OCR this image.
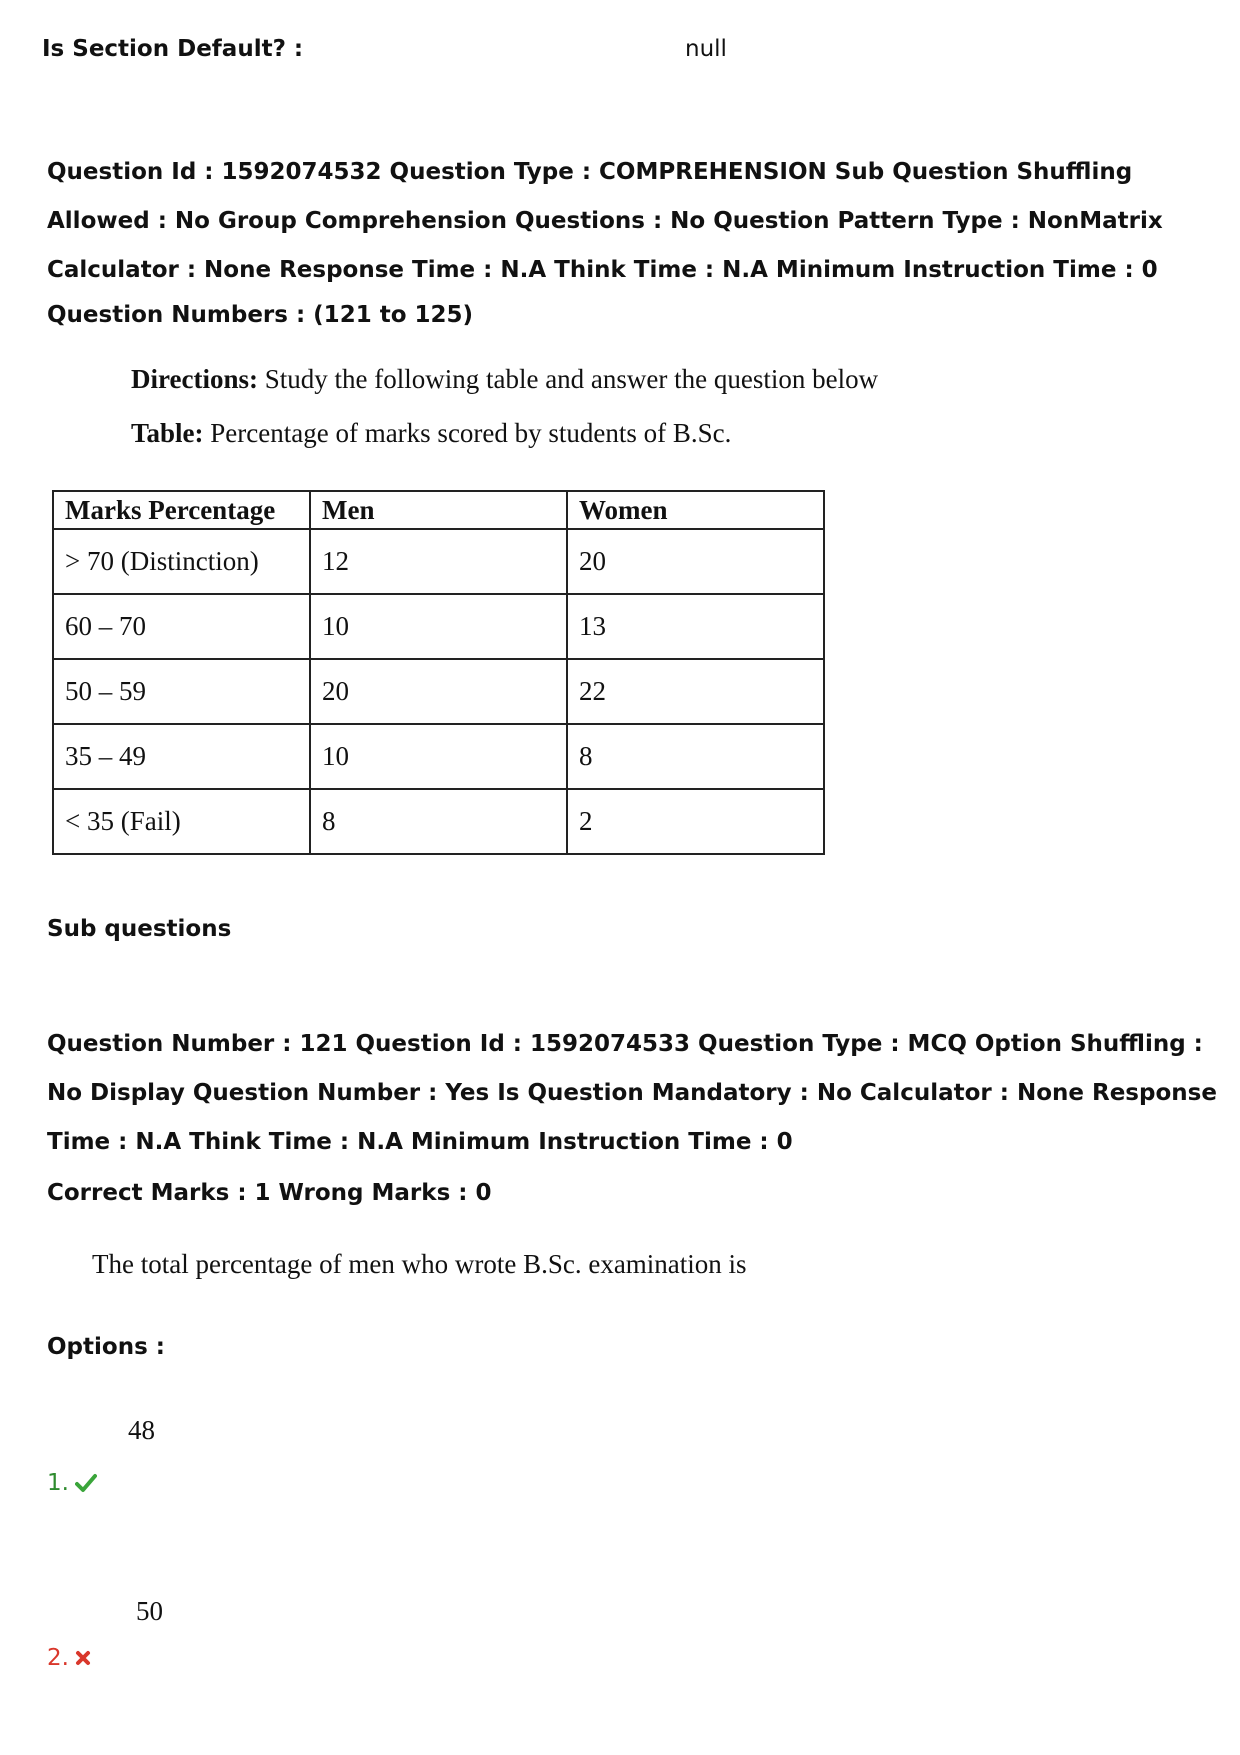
Is Section Default? :	null
Question Id : 1592074532 Question Type : COMPREHENSION Sub Question Shuffling Allowed : No Group Comprehension Questions : No Question Pattern Type : NonMatrix Calculator : None Response Time : N.A Think Time : N.A Minimum Instruction Time : 0
Question Numbers : (121 to 125)
Directions: Study the following table and answer the question below
Table: Percentage of marks scored by students of B.Sc.
Marks Percentage	Men	Women
> 70 (Distinction)	12	20
60 – 70	10	13
50 – 59	20	22
35 – 49	10	8
< 35 (Fail)	8	2
Sub questions
Question Number : 121 Question Id : 1592074533 Question Type : MCQ Option Shuffling : No Display Question Number : Yes Is Question Mandatory : No Calculator : None Response Time : N.A Think Time : N.A Minimum Instruction Time : 0
Correct Marks : 1 Wrong Marks : 0
The total percentage of men who wrote B.Sc. examination is
Options :
48
1.
50
2.
